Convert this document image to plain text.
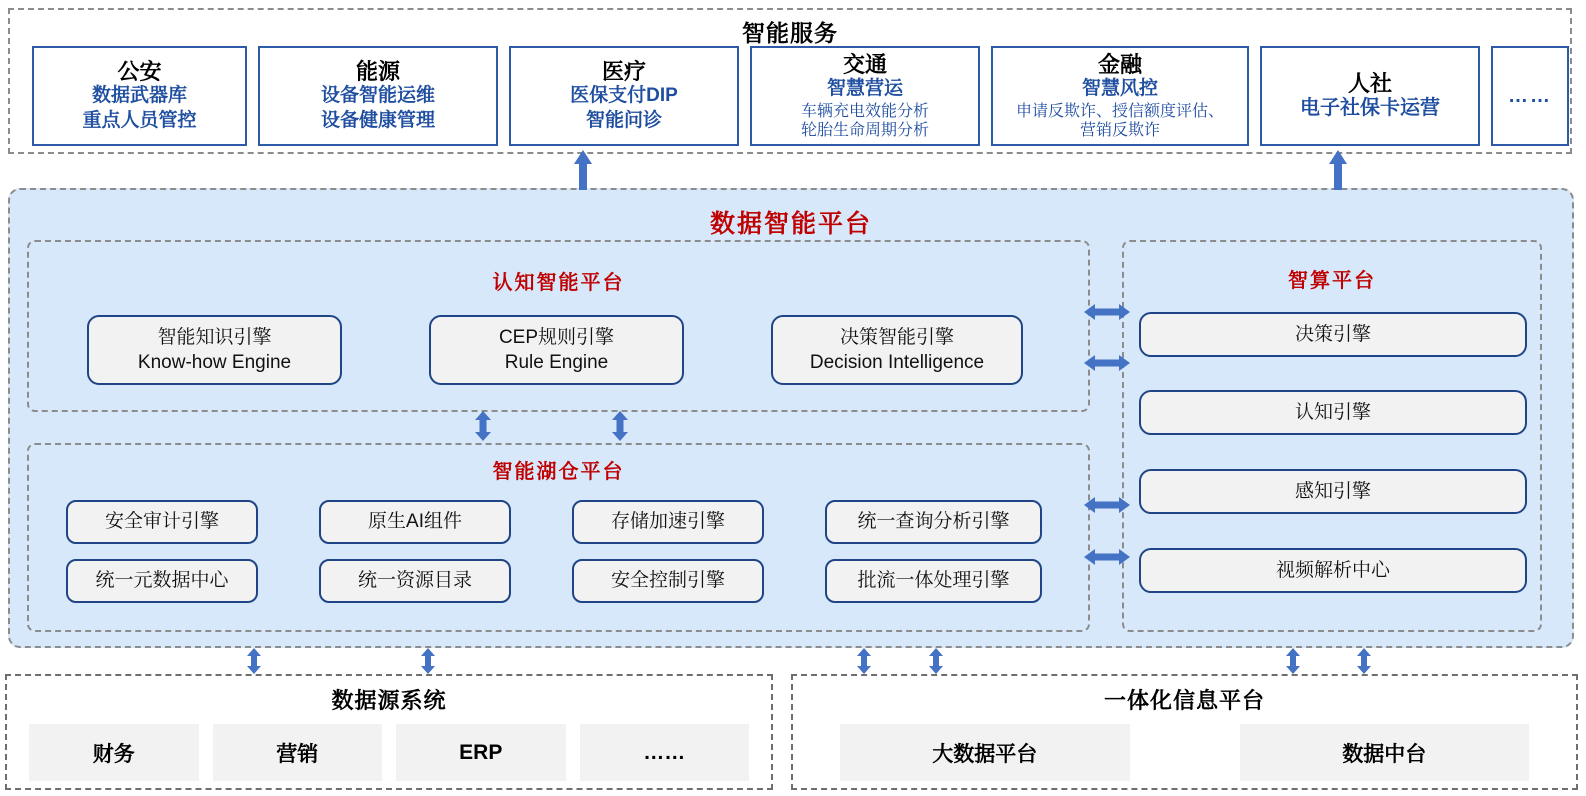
智能服务
公安
数据武器库
重点人员管控
能源
设备智能运维
设备健康管理
医疗
医保支付DIP
智能问诊
交通
智慧营运
车辆充电效能分析
轮胎生命周期分析
金融
智慧风控
申请反欺诈、授信额度评估、
营销反欺诈
人社
电子社保卡运营
……
数据智能平台
认知智能平台
智能知识引擎
Know-how Engine
CEP规则引擎
Rule Engine
决策智能引擎
Decision Intelligence
智能湖仓平台
安全审计引擎	原生AI组件	存储加速引擎	统一查询分析引擎
统一元数据中心	统一资源目录	安全控制引擎	批流一体处理引擎
智算平台
决策引擎
认知引擎
感知引擎
视频解析中心
数据源系统
财务	营销	ERP	……
一体化信息平台
大数据平台	数据中台
